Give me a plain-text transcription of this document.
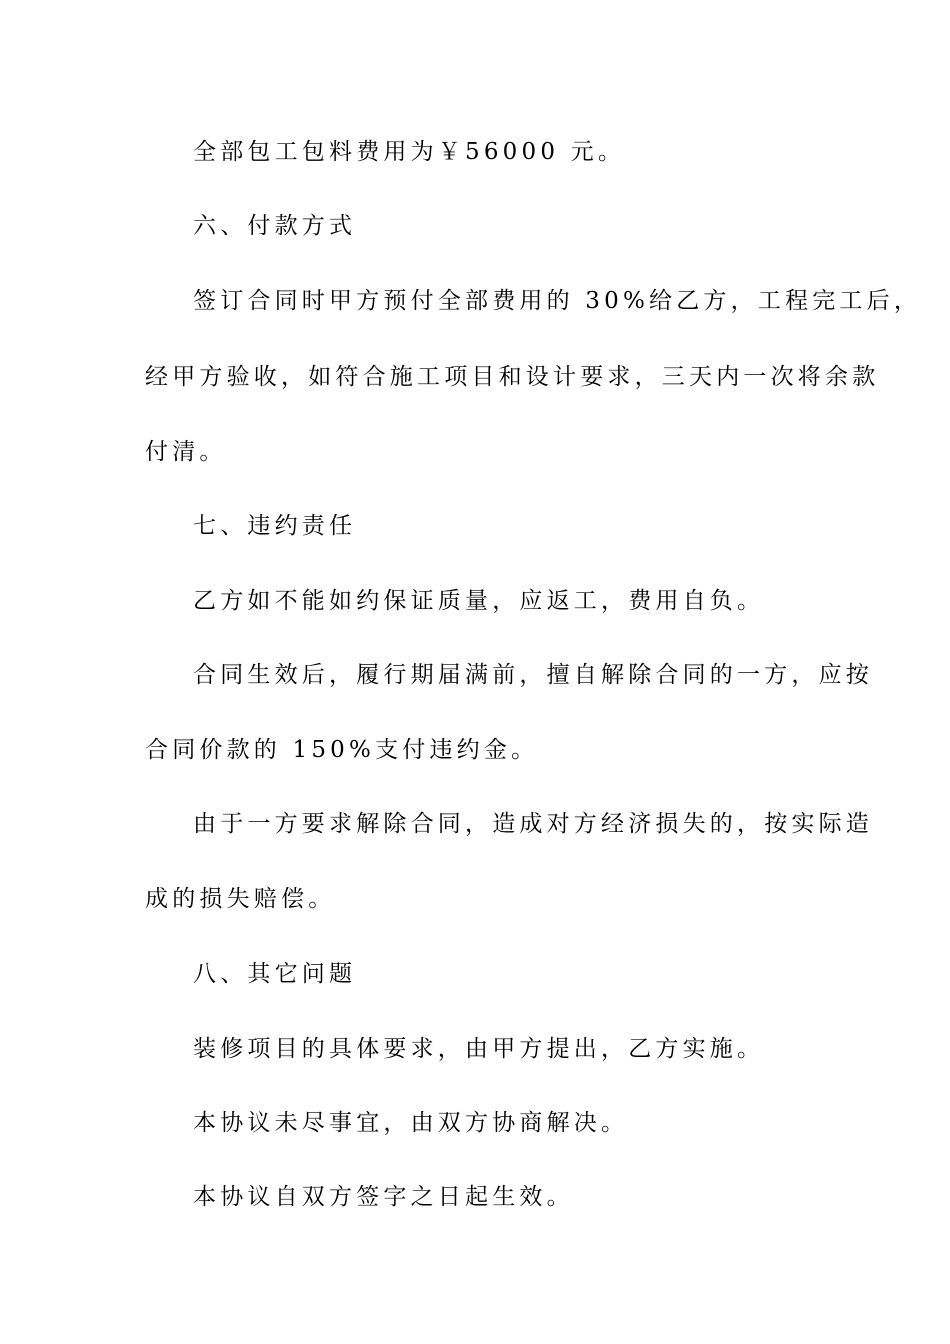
全部包工包料费用为￥56000 元。
六、付款方式
签订合同时甲方预付全部费用的 30%给乙方，工程完工后，
经甲方验收，如符合施工项目和设计要求，三天内一次将余款
付清。
七、违约责任
乙方如不能如约保证质量，应返工，费用自负。
合同生效后，履行期届满前，擅自解除合同的一方，应按
合同价款的 150%支付违约金。
由于一方要求解除合同，造成对方经济损失的，按实际造
成的损失赔偿。
八、其它问题
装修项目的具体要求，由甲方提出，乙方实施。
本协议未尽事宜，由双方协商解决。
本协议自双方签字之日起生效。
